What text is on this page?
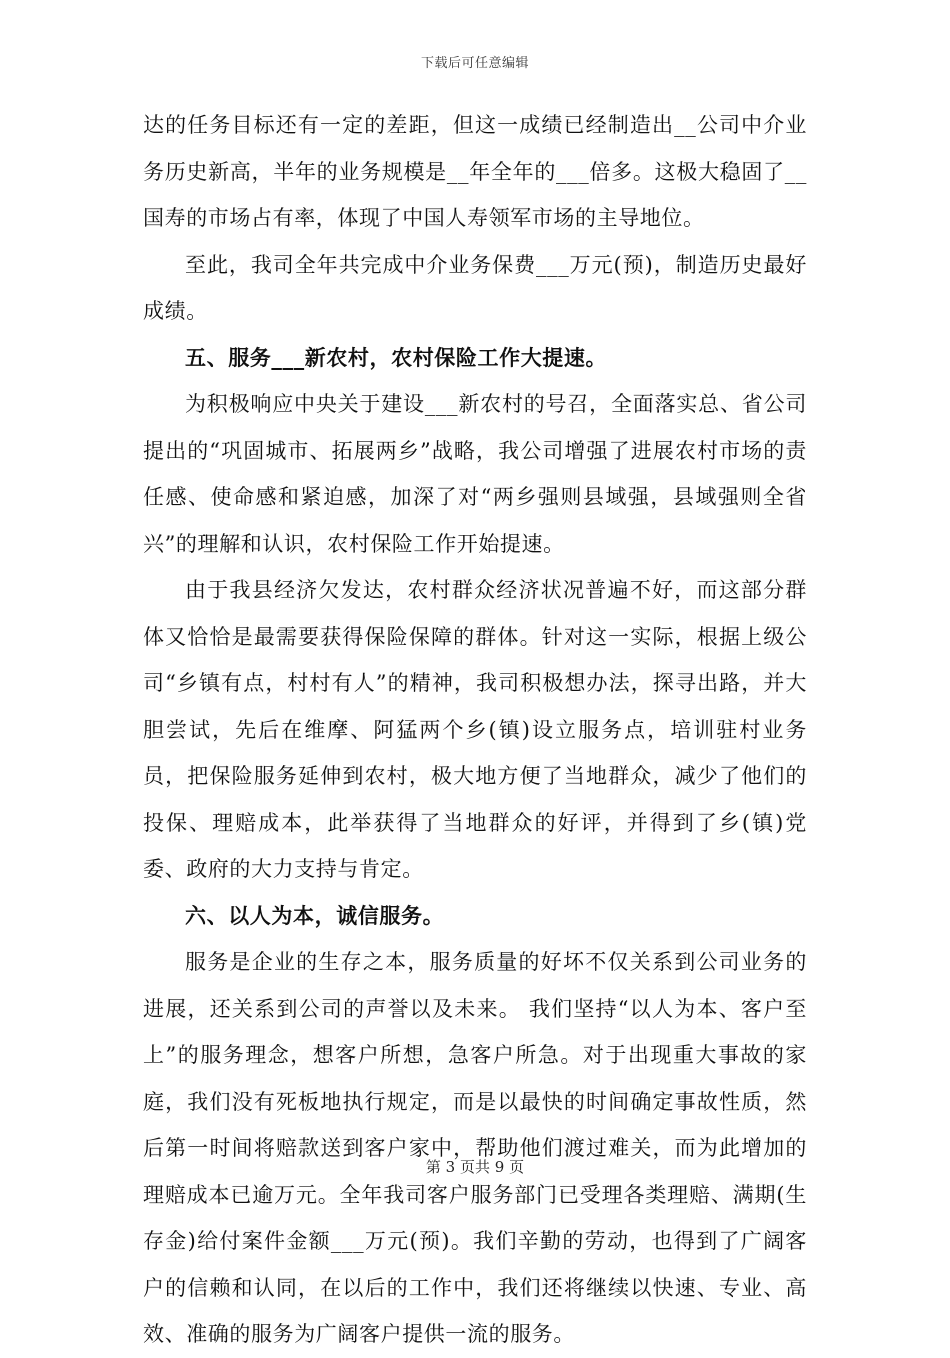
下载后可任意编辑

达的任务目标还有一定的差距，但这一成绩已经制造出__公司中介业务历史新高，半年的业务规模是__年全年的___倍多。这极大稳固了__国寿的市场占有率，体现了中国人寿领军市场的主导地位。

至此，我司全年共完成中介业务保费___万元(预)，制造历史最好成绩。

五、服务___新农村，农村保险工作大提速。

为积极响应中央关于建设___新农村的号召，全面落实总、省公司提出的“巩固城市、拓展两乡”战略，我公司增强了进展农村市场的责任感、使命感和紧迫感，加深了对“两乡强则县域强，县域强则全省兴”的理解和认识，农村保险工作开始提速。

由于我县经济欠发达，农村群众经济状况普遍不好，而这部分群体又恰恰是最需要获得保险保障的群体。针对这一实际，根据上级公司“乡镇有点，村村有人”的精神，我司积极想办法，探寻出路，并大胆尝试，先后在维摩、阿猛两个乡(镇)设立服务点，培训驻村业务员，把保险服务延伸到农村，极大地方便了当地群众，减少了他们的投保、理赔成本，此举获得了当地群众的好评，并得到了乡(镇)党委、政府的大力支持与肯定。

六、以人为本，诚信服务。

服务是企业的生存之本，服务质量的好坏不仅关系到公司业务的进展，还关系到公司的声誉以及未来。 我们坚持“以人为本、客户至上”的服务理念，想客户所想，急客户所急。对于出现重大事故的家庭，我们没有死板地执行规定，而是以最快的时间确定事故性质，然后第一时间将赔款送到客户家中，帮助他们渡过难关，而为此增加的理赔成本已逾万元。全年我司客户服务部门已受理各类理赔、满期(生存金)给付案件金额___万元(预)。我们辛勤的劳动，也得到了广阔客户的信赖和认同，在以后的工作中，我们还将继续以快速、专业、高效、准确的服务为广阔客户提供一流的服务。

第 3 页共 9 页
